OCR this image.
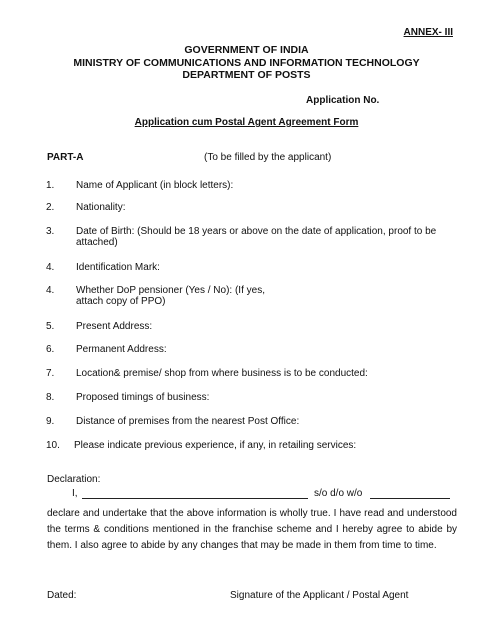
ANNEX- III
GOVERNMENT OF INDIA
MINISTRY OF COMMUNICATIONS AND INFORMATION TECHNOLOGY
DEPARTMENT OF POSTS
Application No.
Application cum Postal Agent Agreement Form
PART-A	(To be filled by the applicant)
1.	Name of Applicant (in block letters):
2.	Nationality:
3.	Date of Birth: (Should be 18 years or above on the date of application, proof to be attached)
4.	Identification Mark:
4.	Whether DoP pensioner (Yes / No): (If yes, attach copy of PPO)
5.	Present Address:
6.	Permanent Address:
7.	Location& premise/ shop from where business is to be conducted:
8.	Proposed timings of business:
9.	Distance of premises from the nearest Post Office:
10.	Please indicate previous experience, if any, in retailing services:
Declaration:
I,	s/o d/o w/o
declare and undertake that the above information is wholly true. I have read and understood the terms & conditions mentioned in the franchise scheme and I hereby agree to abide by them. I also agree to abide by any changes that may be made in them from time to time.
Dated:	Signature of the Applicant / Postal Agent
